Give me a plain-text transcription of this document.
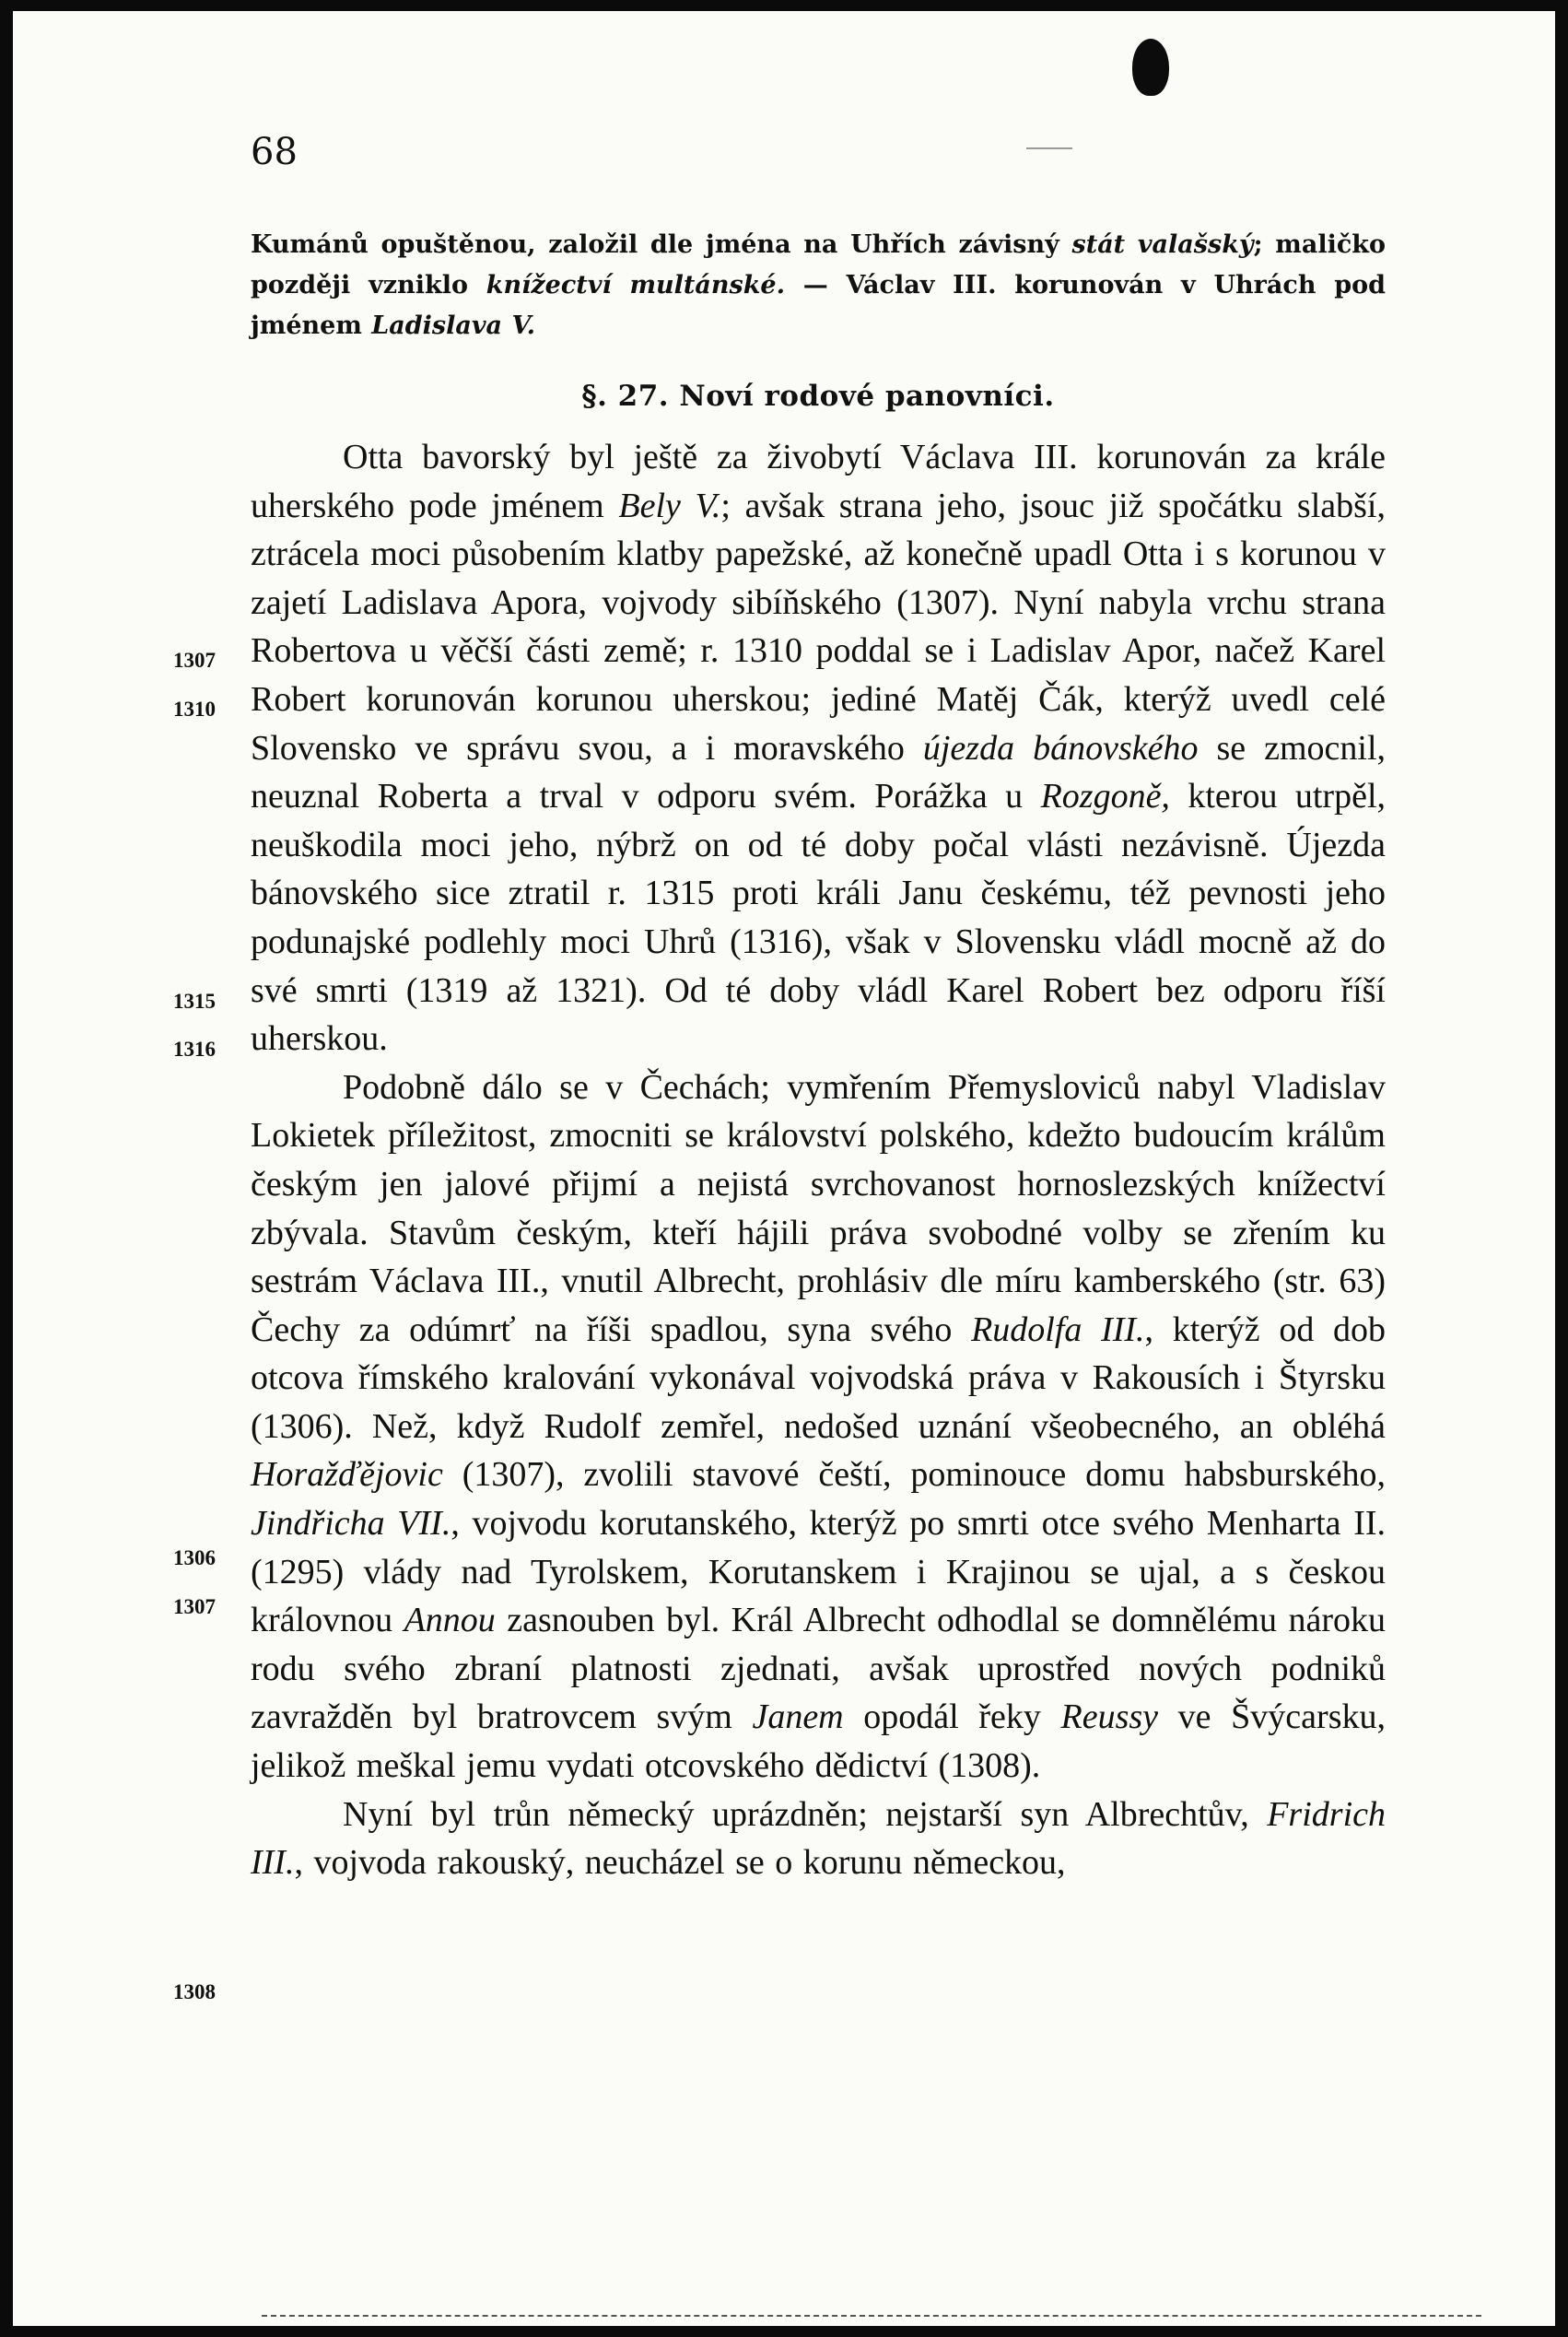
68
1307
1310
1315
1316
1306
1307
1308
Kumánů opuštěnou, založil dle jména na Uhřích závisný stát valašský; maličko později vzniklo knížectví multánské. — Václav III. korunován v Uhrách pod jménem Ladislava V.
§. 27. Noví rodové panovníci.

Otta bavorský byl ještě za živobytí Václava III. korunován za krále uherského pode jménem Bely V.; avšak strana jeho, jsouc již spočátku slabší, ztrácela moci působením klatby papežské, až konečně upadl Otta i s korunou v zajetí Ladislava Apora, vojvody sibíňského (1307). Nyní nabyla vrchu strana Robertova u věčší části země; r. 1310 poddal se i Ladislav Apor, načež Karel Robert korunován korunou uherskou; jediné Matěj Čák, kterýž uvedl celé Slovensko ve správu svou, a i moravského újezda bánovského se zmocnil, neuznal Roberta a trval v odporu svém. Porážka u Rozgoně, kterou utrpěl, neuškodila moci jeho, nýbrž on od té doby počal vlásti nezávisně. Újezda bánovského sice ztratil r. 1315 proti králi Janu českému, též pevnosti jeho podunajské podlehly moci Uhrů (1316), však v Slovensku vládl mocně až do své smrti (1319 až 1321). Od té doby vládl Karel Robert bez odporu říší uherskou.

Podobně dálo se v Čechách; vymřením Přemysloviců nabyl Vladislav Lokietek příležitost, zmocniti se království polského, kdežto budoucím králům českým jen jalové přijmí a nejistá svrchovanost hornoslezských knížectví zbývala. Stavům českým, kteří hájili práva svobodné volby se zřením ku sestrám Václava III., vnutil Albrecht, prohlásiv dle míru kamberského (str. 63) Čechy za odúmrť na říši spadlou, syna svého Rudolfa III., kterýž od dob otcova římského kralování vykonával vojvodská práva v Rakousích i Štyrsku (1306). Než, když Rudolf zemřel, nedošed uznání všeobecného, an obléhá Horažďějovic (1307), zvolili stavové čeští, pominouce domu habsburského, Jindřicha VII., vojvodu korutanského, kterýž po smrti otce svého Menharta II. (1295) vlády nad Tyrolskem, Korutanskem i Krajinou se ujal, a s českou královnou Annou zasnouben byl. Král Albrecht odhodlal se domnělému nároku rodu svého zbraní platnosti zjednati, avšak uprostřed nových podniků zavražděn byl bratrovcem svým Janem opodál řeky Reussy ve Švýcarsku, jelikož meškal jemu vydati otcovského dědictví (1308).

Nyní byl trůn německý uprázdněn; nejstarší syn Albrechtův, Fridrich III., vojvoda rakouský, neucházel se o korunu německou,
